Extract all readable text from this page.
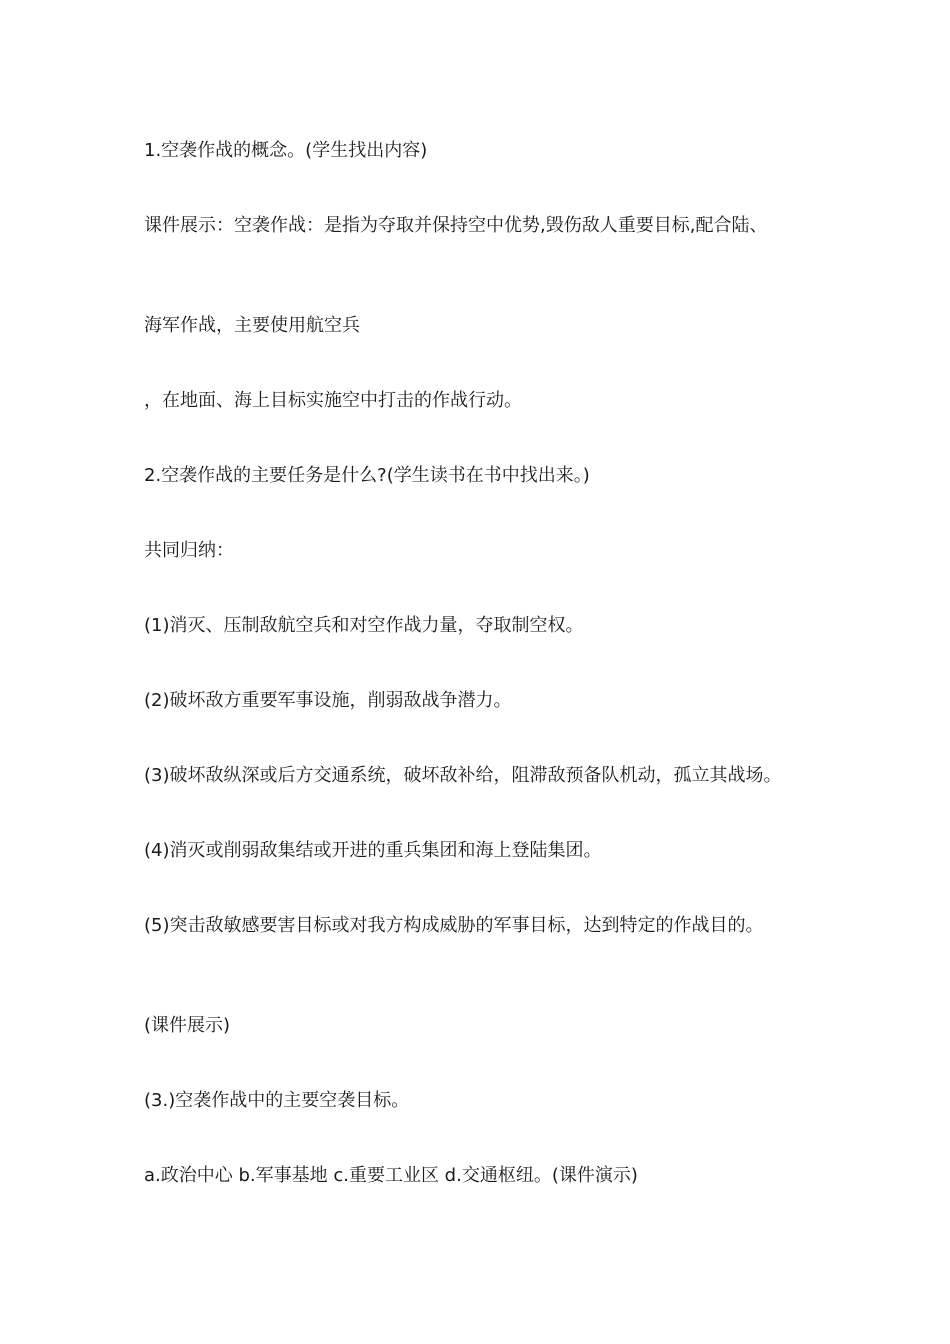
1.空袭作战的概念。(学生找出内容)
课件展示：空袭作战：是指为夺取并保持空中优势,毁伤敌人重要目标,配合陆、
海军作战，主要使用航空兵
，在地面、海上目标实施空中打击的作战行动。
2.空袭作战的主要任务是什么?(学生读书在书中找出来。)
共同归纳：
(1)消灭、压制敌航空兵和对空作战力量，夺取制空权。
(2)破坏敌方重要军事设施，削弱敌战争潜力。
(3)破坏敌纵深或后方交通系统，破坏敌补给，阻滞敌预备队机动，孤立其战场。
(4)消灭或削弱敌集结或开进的重兵集团和海上登陆集团。
(5)突击敌敏感要害目标或对我方构成威胁的军事目标，达到特定的作战目的。
(课件展示)
(3.)空袭作战中的主要空袭目标。
a.政治中心 b.军事基地 c.重要工业区 d.交通枢纽。(课件演示)
